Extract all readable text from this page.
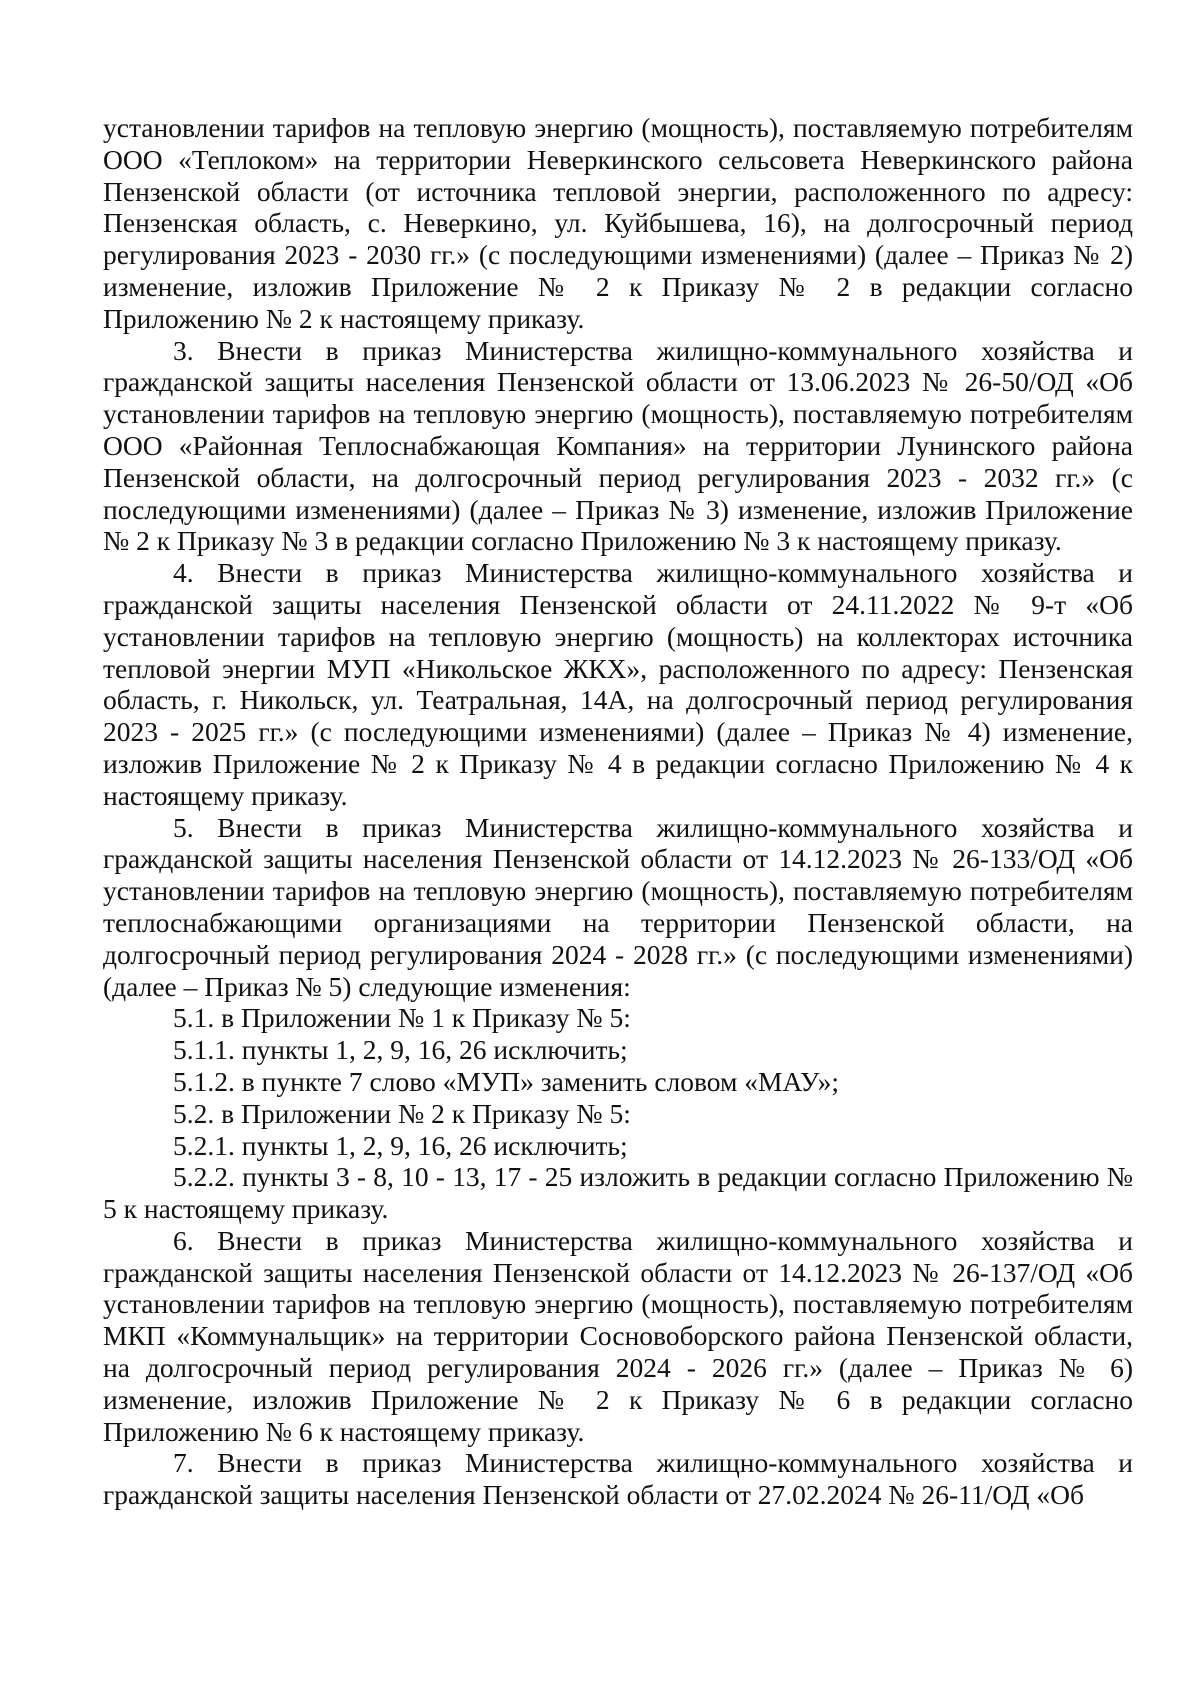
установлении тарифов на тепловую энергию (мощность), поставляемую потребителям ООО «Теплоком» на территории Неверкинского сельсовета Неверкинского района Пензенской области (от источника тепловой энергии, расположенного по адресу: Пензенская область, с. Неверкино, ул. Куйбышева, 16), на долгосрочный период регулирования 2023 - 2030 гг.» (с последующими изменениями) (далее – Приказ № 2) изменение, изложив Приложение № 2 к Приказу № 2 в редакции согласно Приложению № 2 к настоящему приказу.

3. Внести в приказ Министерства жилищно-коммунального хозяйства и гражданской защиты населения Пензенской области от 13.06.2023 № 26-50/ОД «Об установлении тарифов на тепловую энергию (мощность), поставляемую потребителям ООО «Районная Теплоснабжающая Компания» на территории Лунинского района Пензенской области, на долгосрочный период регулирования 2023 - 2032 гг.» (с последующими изменениями) (далее – Приказ № 3) изменение, изложив Приложение № 2 к Приказу № 3 в редакции согласно Приложению № 3 к настоящему приказу.

4. Внести в приказ Министерства жилищно-коммунального хозяйства и гражданской защиты населения Пензенской области от 24.11.2022 № 9-т «Об установлении тарифов на тепловую энергию (мощность) на коллекторах источника тепловой энергии МУП «Никольское ЖКХ», расположенного по адресу: Пензенская область, г. Никольск, ул. Театральная, 14А, на долгосрочный период регулирования 2023 - 2025 гг.» (с последующими изменениями) (далее – Приказ № 4) изменение, изложив Приложение № 2 к Приказу № 4 в редакции согласно Приложению № 4 к настоящему приказу.

5. Внести в приказ Министерства жилищно-коммунального хозяйства и гражданской защиты населения Пензенской области от 14.12.2023 № 26-133/ОД «Об установлении тарифов на тепловую энергию (мощность), поставляемую потребителям теплоснабжающими организациями на территории Пензенской области, на долгосрочный период регулирования 2024 - 2028 гг.» (с последующими изменениями) (далее – Приказ № 5) следующие изменения:

5.1. в Приложении № 1 к Приказу № 5:

5.1.1. пункты 1, 2, 9, 16, 26 исключить;

5.1.2. в пункте 7 слово «МУП» заменить словом «МАУ»;

5.2. в Приложении № 2 к Приказу № 5:

5.2.1. пункты 1, 2, 9, 16, 26 исключить;

5.2.2. пункты 3 - 8, 10 - 13, 17 - 25 изложить в редакции согласно Приложению № 5 к настоящему приказу.

6. Внести в приказ Министерства жилищно-коммунального хозяйства и гражданской защиты населения Пензенской области от 14.12.2023 № 26-137/ОД «Об установлении тарифов на тепловую энергию (мощность), поставляемую потребителям МКП «Коммунальщик» на территории Сосновоборского района Пензенской области, на долгосрочный период регулирования 2024 - 2026 гг.» (далее – Приказ № 6) изменение, изложив Приложение № 2 к Приказу № 6 в редакции согласно Приложению № 6 к настоящему приказу.

7. Внести в приказ Министерства жилищно-коммунального хозяйства и гражданской защиты населения Пензенской области от 27.02.2024 № 26-11/ОД «Об
